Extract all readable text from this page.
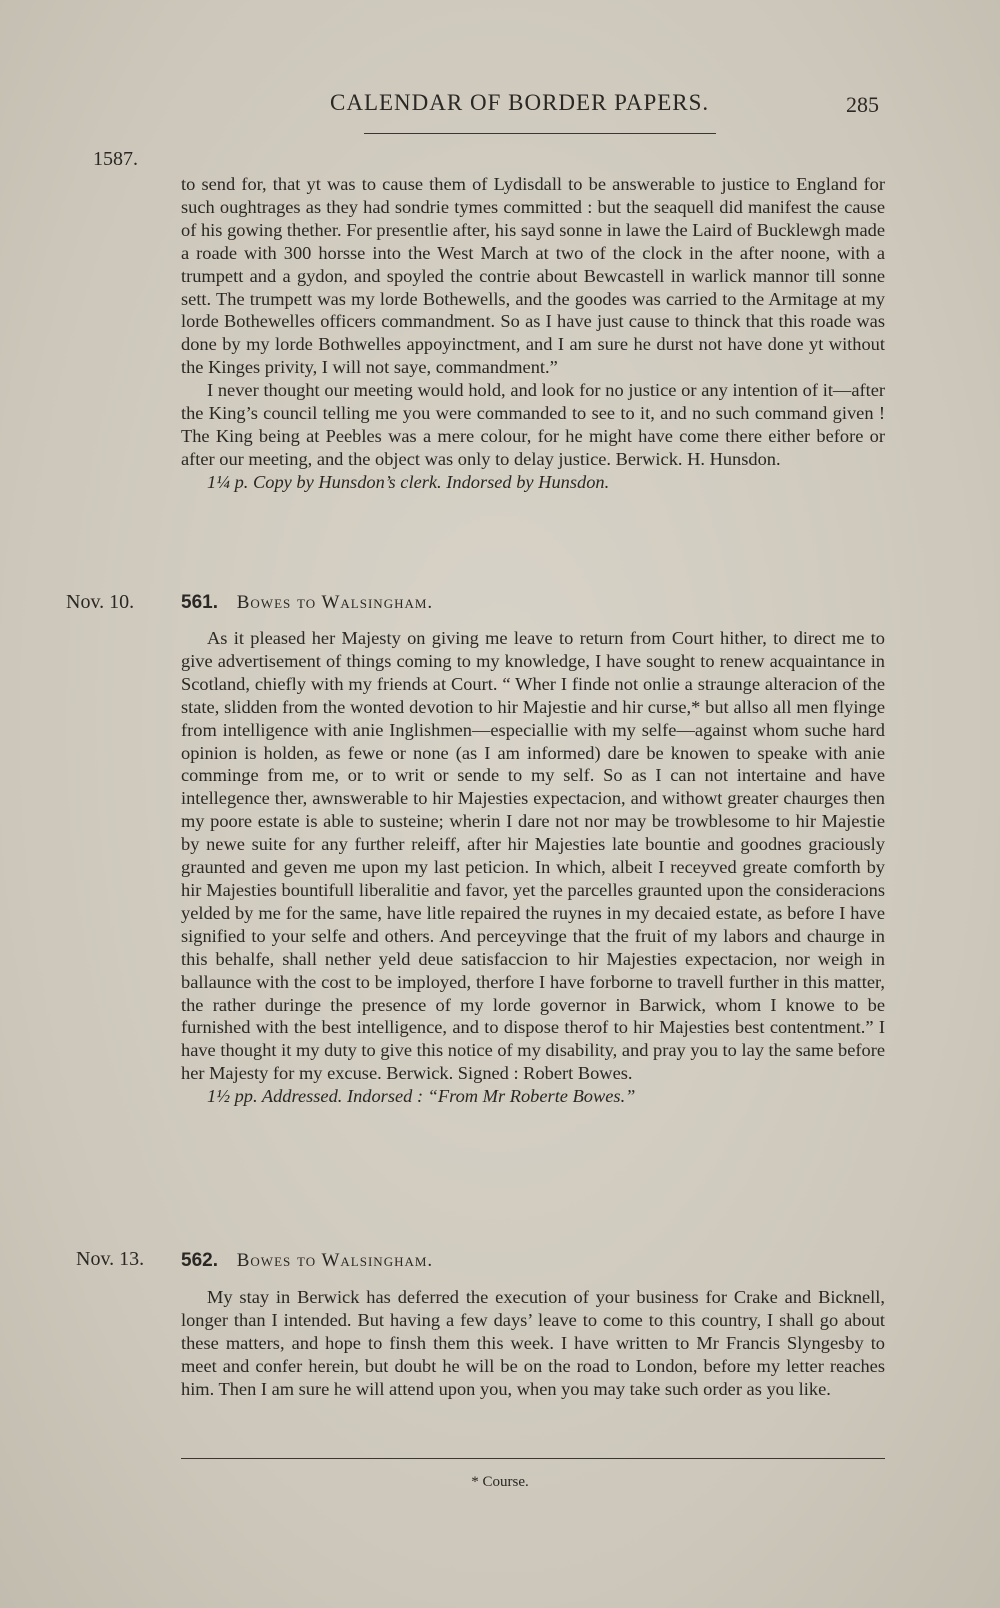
CALENDAR OF BORDER PAPERS.	285
1587.

to send for, that yt was to cause them of Lydisdall to be answerable to justice to England for such oughtrages as they had sondrie tymes committed : but the seaquell did manifest the cause of his gowing thether. For presentlie after, his sayd sonne in lawe the Laird of Bucklewgh made a roade with 300 horsse into the West March at two of the clock in the after noone, with a trumpett and a gydon, and spoyled the contrie about Bewcastell in warlick mannor till sonne sett. The trumpett was my lorde Bothewells, and the goodes was carried to the Armitage at my lorde Bothewelles officers commandment. So as I have just cause to thinck that this roade was done by my lorde Bothwelles appoyinctment, and I am sure he durst not have done yt without the Kinges privity, I will not saye, commandment.”

I never thought our meeting would hold, and look for no justice or any intention of it—after the King’s council telling me you were commanded to see to it, and no such command given ! The King being at Peebles was a mere colour, for he might have come there either before or after our meeting, and the object was only to delay justice. Berwick. H. Hunsdon.

1¼ p. Copy by Hunsdon’s clerk. Indorsed by Hunsdon.

Nov. 10. 561. Bowes to Walsingham.

As it pleased her Majesty on giving me leave to return from Court hither, to direct me to give advertisement of things coming to my knowledge, I have sought to renew acquaintance in Scotland, chiefly with my friends at Court. “ Wher I finde not onlie a straunge alteracion of the state, slidden from the wonted devotion to hir Majestie and hir curse,* but allso all men flyinge from intelligence with anie Inglishmen—especiallie with my selfe—against whom suche hard opinion is holden, as fewe or none (as I am informed) dare be knowen to speake with anie comminge from me, or to writ or sende to my self. So as I can not intertaine and have intellegence ther, awnswerable to hir Majesties expectacion, and withowt greater chaurges then my poore estate is able to susteine; wherin I dare not nor may be trowblesome to hir Majestie by newe suite for any further releiff, after hir Majesties late bountie and goodnes graciously graunted and geven me upon my last peticion. In which, albeit I receyved greate comforth by hir Majesties bountifull liberalitie and favor, yet the parcelles graunted upon the consideracions yelded by me for the same, have litle repaired the ruynes in my decaied estate, as before I have signified to your selfe and others. And perceyvinge that the fruit of my labors and chaurge in this behalfe, shall nether yeld deue satisfaccion to hir Majesties expectacion, nor weigh in ballaunce with the cost to be imployed, therfore I have forborne to travell further in this matter, the rather duringe the presence of my lorde governor in Barwick, whom I knowe to be furnished with the best intelligence, and to dispose therof to hir Majesties best contentment.” I have thought it my duty to give this notice of my disability, and pray you to lay the same before her Majesty for my excuse. Berwick. Signed : Robert Bowes.

1½ pp. Addressed. Indorsed : “From Mr Roberte Bowes.”

Nov. 13. 562. Bowes to Walsingham.

My stay in Berwick has deferred the execution of your business for Crake and Bicknell, longer than I intended. But having a few days’ leave to come to this country, I shall go about these matters, and hope to finsh them this week. I have written to Mr Francis Slyngesby to meet and confer herein, but doubt he will be on the road to London, before my letter reaches him. Then I am sure he will attend upon you, when you may take such order as you like.

* Course.
